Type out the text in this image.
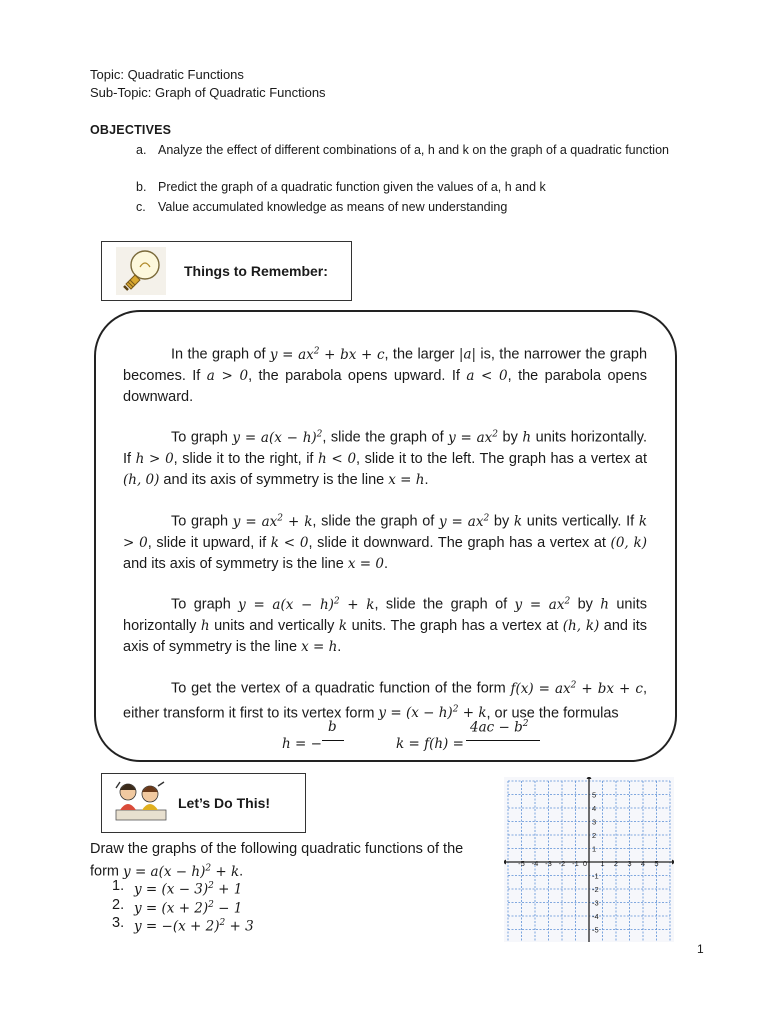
Topic: Quadratic Functions
Sub-Topic: Graph of Quadratic Functions
OBJECTIVES
a. Analyze the effect of different combinations of a, h and k on the graph of a quadratic function
b. Predict the graph of a quadratic function given the values of a, h and k
c. Value accumulated knowledge as means of new understanding
Things to Remember:
In the graph of $y = ax^2$ + bx + c, the larger |a| is, the narrower the graph becomes. If a > 0, the parabola opens upward. If a < 0, the parabola opens downward.
To graph $y = a(x - h)^2$, slide the graph of $y = ax^2$ by h units horizontally. If h > 0, slide it to the right, if h < 0, slide it to the left. The graph has a vertex at (h, 0) and its axis of symmetry is the line x = h.
To graph $y = ax^2 + k$, slide the graph of $y = ax^2$ by k units vertically. If k > 0, slide it upward, if k < 0, slide it downward. The graph has a vertex at (0, k) and its axis of symmetry is the line x = 0.
To graph $y = a(x - h)^2 + k$, slide the graph of $y = ax^2$ by h units horizontally h units and vertically k units. The graph has a vertex at (h, k) and its axis of symmetry is the line x = h.
To get the vertex of a quadratic function of the form $f(x) = ax^2$ + bx + c, either transform it first to its vertex form $y = (x - h)^2 + k$, or use the formulas
b
h = −
$4ac - b^2$
k = f(h) =
Let’s Do This!
Draw the graphs of the following quadratic functions of the form $y = a(x - h)^2 + k$.
1. $y = (x - 3)^2 + 1$
2. $y = (x + 2)^2 - 1$
3. $y = -(x + 2)^2 + 3$
-5 -4 -3 -2 -1 0 1 2 3 4 5
5
4
3
2
1
-1
-2
-3
-4
-5
1
